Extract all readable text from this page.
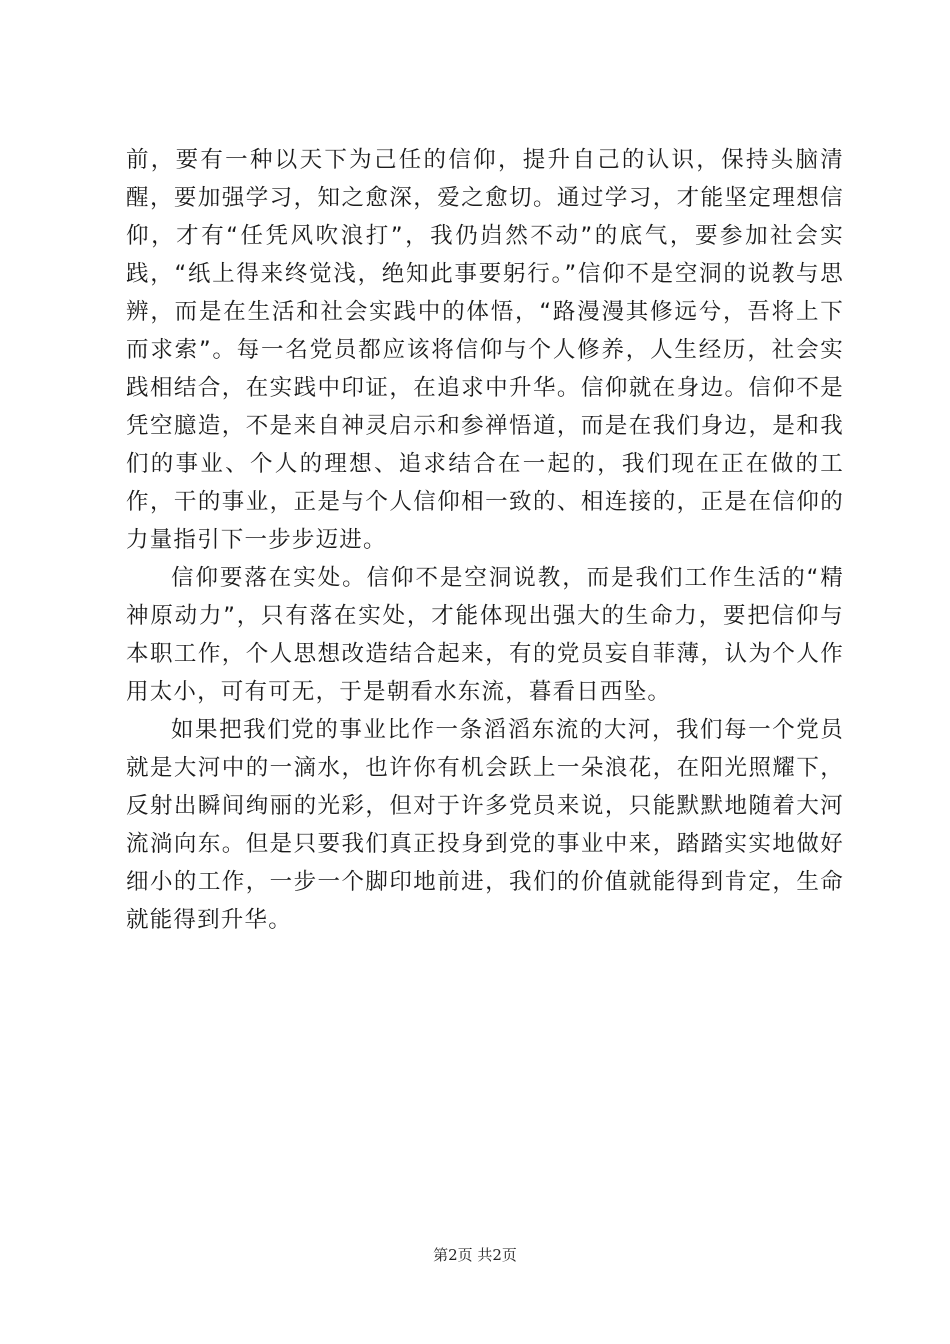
前，要有一种以天下为己任的信仰，提升自己的认识，保持头脑清醒，要加强学习，知之愈深，爱之愈切。通过学习，才能坚定理想信仰，才有“任凭风吹浪打”，我仍岿然不动”的底气，要参加社会实践，“纸上得来终觉浅，绝知此事要躬行。”信仰不是空洞的说教与思辨，而是在生活和社会实践中的体悟，“路漫漫其修远兮，吾将上下而求索”。每一名党员都应该将信仰与个人修养，人生经历，社会实践相结合，在实践中印证，在追求中升华。信仰就在身边。信仰不是凭空臆造，不是来自神灵启示和参禅悟道，而是在我们身边，是和我们的事业、个人的理想、追求结合在一起的，我们现在正在做的工作，干的事业，正是与个人信仰相一致的、相连接的，正是在信仰的力量指引下一步步迈进。

信仰要落在实处。信仰不是空洞说教，而是我们工作生活的“精神原动力”，只有落在实处，才能体现出强大的生命力，要把信仰与本职工作，个人思想改造结合起来，有的党员妄自菲薄，认为个人作用太小，可有可无，于是朝看水东流，暮看日西坠。

如果把我们党的事业比作一条滔滔东流的大河，我们每一个党员就是大河中的一滴水，也许你有机会跃上一朵浪花，在阳光照耀下，反射出瞬间绚丽的光彩，但对于许多党员来说，只能默默地随着大河流淌向东。但是只要我们真正投身到党的事业中来，踏踏实实地做好细小的工作，一步一个脚印地前进，我们的价值就能得到肯定，生命就能得到升华。

第2页 共2页
